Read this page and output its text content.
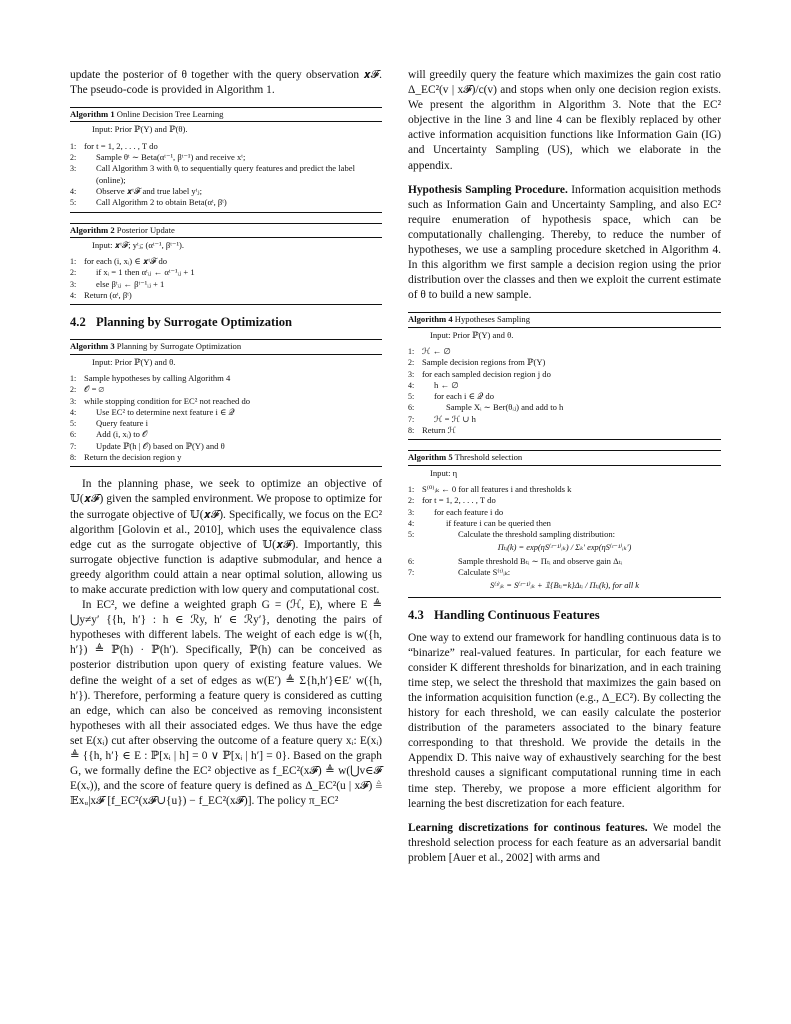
update the posterior of θ together with the query observation 𝒙𝓕. The pseudo-code is provided in Algorithm 1.

Algorithm 1 Online Decision Tree Learning
Input: Prior ℙ(Y) and ℙ(θ).
1: for t = 1, 2, . . . , T do
2:	Sample θᵗ ∼ Beta(αᵗ⁻¹, βᵗ⁻¹) and receive xᵗ;
3:	Call Algorithm 3 with θᵢ to sequentially query features and predict the label (online);
4:	Observe 𝒙ᵗ𝓕 and true label yᵗⱼ;
5:	Call Algorithm 2 to obtain Beta(αᵗ, βᵗ)
Algorithm 2 Posterior Update
Input: 𝒙ᵗ𝓕; yᵗⱼ; (αᵗ⁻¹, βᵗ⁻¹).
1: for each (i, xᵢ) ∈ 𝒙ᵗ𝓕 do
2:	if xᵢ = 1 then αᵗᵢⱼ ← αᵗ⁻¹ᵢⱼ + 1
3:	else βᵗᵢⱼ ← βᵗ⁻¹ᵢⱼ + 1
4: Return (αᵗ, βᵗ)
4.2 Planning by Surrogate Optimization
Algorithm 3 Planning by Surrogate Optimization
Input: Prior ℙ(Y) and θ.
1: Sample hypotheses by calling Algorithm 4
2: 𝒪 = ∅
3: while stopping condition for EC² not reached do
4:	Use EC² to determine next feature i ∈ 𝒬
5:	Query feature i
6:	Add (i, xᵢ) to 𝒪
7:	Update ℙ(h | 𝒪) based on ℙ(Y) and θ
8: Return the decision region y

In the planning phase, we seek to optimize an objective of 𝕌(𝒙𝓕) given the sampled environment. We propose to optimize for the surrogate objective of 𝕌(𝒙𝓕). Specifically, we focus on the EC² algorithm [Golovin et al., 2010], which uses the equivalence class edge cut as the surrogate objective of 𝕌(𝒙𝓕). Importantly, this surrogate objective function is adaptive submodular, and hence a greedy algorithm could attain a near optimal solution, allowing us to make accurate prediction with low query and computational cost.

In EC², we define a weighted graph G = (ℋ, E), where E ≜ ⋃y≠y′ {{h, h′} : h ∈ ℛy, h′ ∈ ℛy′}, denoting the pairs of hypotheses with different labels. The weight of each edge is w({h, h′}) ≜ ℙ(h) · ℙ(h′). Specifically, ℙ(h) can be conceived as posterior distribution upon query of existing feature values. We define the weight of a set of edges as w(E′) ≜ Σ{h,h′}∈E′ w({h, h′}). Therefore, performing a feature query is considered as cutting an edge, which can also be conceived as removing inconsistent hypotheses with all their associated edges. We thus have the edge set E(xᵢ) cut after observing the outcome of a feature query xᵢ: E(xᵢ) ≜ {{h, h′} ∈ E : ℙ[xᵢ | h] = 0 ∨ ℙ[xᵢ | h′] = 0}. Based on the graph G, we formally define the EC² objective as f_EC²(x𝓕) ≜ w(⋃v∈𝓕 E(xᵥ)), and the score of feature query is defined as Δ_EC²(u | x𝓕) ≜ 𝔼xᵤ|x𝓕 [f_EC²(x𝓕∪{u}) − f_EC²(x𝓕)]. The policy π_EC²

will greedily query the feature which maximizes the gain cost ratio Δ_EC²(v | x𝓕)/c(v) and stops when only one decision region exists. We present the algorithm in Algorithm 3. Note that the EC² objective in the line 3 and line 4 can be flexibly replaced by other active information acquisition functions like Information Gain (IG) and Uncertainty Sampling (US), which we elaborate in the appendix.

Hypothesis Sampling Procedure. Information acquisition methods such as Information Gain and Uncertainty Sampling, and also EC² require enumeration of hypothesis space, which can be computationally challenging. Thereby, to reduce the number of hypotheses, we use a sampling procedure sketched in Algorithm 4. In this algorithm we first sample a decision region using the prior distribution over the classes and then we exploit the current estimate of θ to build a new sample.

Algorithm 4 Hypotheses Sampling
Input: Prior ℙ(Y) and θ.
1: ℋ ← ∅
2: Sample decision regions from ℙ(Y)
3: for each sampled decision region j do
4:	h ← ∅
5:	for each i ∈ 𝒬 do
6:	Sample Xᵢ ∼ Ber(θᵢⱼ) and add to h
7:	ℋ = ℋ ∪ h
8: Return ℋ
Algorithm 5 Threshold selection
Input: η
1: S⁽⁰⁾ᵢₖ ← 0 for all features i and thresholds k
2: for t = 1, 2, . . . , T do
3:	for each feature i do
4:	if feature i can be queried then
5:	Calculate the threshold sampling distribution:
Πₜᵢ(k) = exp(ηS⁽ᵗ⁻¹⁾ᵢₖ) / Σₖ′ exp(ηS⁽ᵗ⁻¹⁾ᵢₖ′)
6:	Sample threshold Bₜᵢ ∼ Πₜᵢ and observe gain Δₜᵢ
7:	Calculate S⁽ᵗ⁾ᵢₖ:
S⁽ᵗ⁾ᵢₖ = S⁽ᵗ⁻¹⁾ᵢₖ + 𝟙{Bₜᵢ=k}Δₜᵢ / Πₜᵢ(k), for all k
4.3 Handling Continuous Features

One way to extend our framework for handling continuous data is to “binarize” real-valued features. In particular, for each feature we consider K different thresholds for binarization, and in each training time step, we select the threshold that maximizes the gain based on the information acquisition function (e.g., Δ_EC²). By collecting the history for each threshold, we can easily calculate the posterior distribution of the parameters associated to the binary feature corresponding to that threshold. We provide the details in the Appendix D. This naive way of exhaustively searching for the best threshold causes a significant computational running time in each time step. Thereby, we propose a more efficient algorithm for learning the best discretization for each feature.

Learning discretizations for continous features. We model the threshold selection process for each feature as an adversarial bandit problem [Auer et al., 2002] with arms and
